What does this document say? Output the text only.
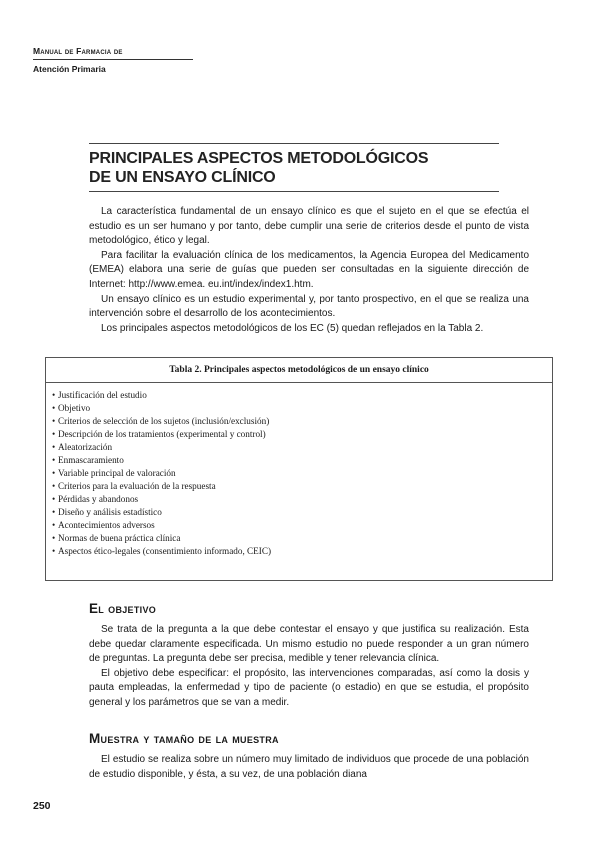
Manual de Farmacia de
Atención Primaria
PRINCIPALES ASPECTOS METODOLÓGICOS
DE UN ENSAYO CLÍNICO

La característica fundamental de un ensayo clínico es que el sujeto en el que se efectúa el estudio es un ser humano y por tanto, debe cumplir una serie de criterios desde el punto de vista metodológico, ético y legal.

Para facilitar la evaluación clínica de los medicamentos, la Agencia Europea del Medicamento (EMEA) elabora una serie de guías que pueden ser consultadas en la siguiente dirección de Internet: http://www.emea. eu.int/index/index1.htm.

Un ensayo clínico es un estudio experimental y, por tanto prospectivo, en el que se realiza una intervención sobre el desarrollo de los acontecimientos.

Los principales aspectos metodológicos de los EC (5) quedan reflejados en la Tabla 2.

Tabla 2. Principales aspectos metodológicos de un ensayo clínico
• Justificación del estudio
• Objetivo
• Criterios de selección de los sujetos (inclusión/exclusión)
• Descripción de los tratamientos (experimental y control)
• Aleatorización
• Enmascaramiento
• Variable principal de valoración
• Criterios para la evaluación de la respuesta
• Pérdidas y abandonos
• Diseño y análisis estadístico
• Acontecimientos adversos
• Normas de buena práctica clínica
• Aspectos ético-legales (consentimiento informado, CEIC)
El objetivo

Se trata de la pregunta a la que debe contestar el ensayo y que justifica su realización. Esta debe quedar claramente especificada. Un mismo estudio no puede responder a un gran número de preguntas. La pregunta debe ser precisa, medible y tener relevancia clínica.

El objetivo debe especificar: el propósito, las intervenciones comparadas, así como la dosis y pauta empleadas, la enfermedad y tipo de paciente (o estadio) en que se estudia, el propósito general y los parámetros que se van a medir.

Muestra y tamaño de la muestra

El estudio se realiza sobre un número muy limitado de individuos que procede de una población de estudio disponible, y ésta, a su vez, de una población diana

250
